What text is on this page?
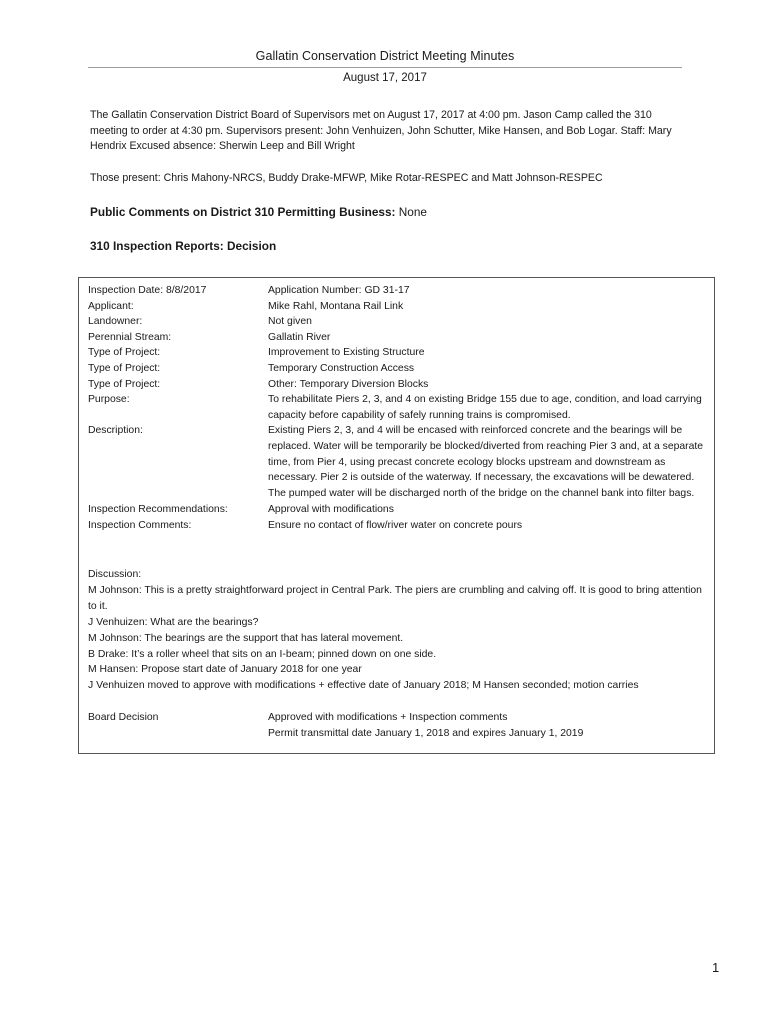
Gallatin Conservation District Meeting Minutes
August 17, 2017
The Gallatin Conservation District Board of Supervisors met on August 17, 2017 at 4:00 pm. Jason Camp called the 310 meeting to order at 4:30 pm. Supervisors present: John Venhuizen, John Schutter, Mike Hansen, and Bob Logar. Staff: Mary Hendrix Excused absence: Sherwin Leep and Bill Wright
Those present: Chris Mahony-NRCS, Buddy Drake-MFWP, Mike Rotar-RESPEC and Matt Johnson-RESPEC
Public Comments on District 310 Permitting Business: None
310 Inspection Reports: Decision
Inspection Date: 8/8/2017	Application Number: GD 31-17
Applicant:	Mike Rahl, Montana Rail Link
Landowner:	Not given
Perennial Stream:	Gallatin River
Type of Project:	Improvement to Existing Structure
Type of Project:	Temporary Construction Access
Type of Project:	Other: Temporary Diversion Blocks
Purpose:	To rehabilitate Piers 2, 3, and 4 on existing Bridge 155 due to age, condition, and load carrying capacity before capability of safely running trains is compromised.
Description:	Existing Piers 2, 3, and 4 will be encased with reinforced concrete and the bearings will be replaced. Water will be temporarily be blocked/diverted from reaching Pier 3 and, at a separate time, from Pier 4, using precast concrete ecology blocks upstream and downstream as necessary. Pier 2 is outside of the waterway. If necessary, the excavations will be dewatered. The pumped water will be discharged north of the bridge on the channel bank into filter bags.
Inspection Recommendations:	Approval with modifications
Inspection Comments:	Ensure no contact of flow/river water on concrete pours
Discussion:
M Johnson: This is a pretty straightforward project in Central Park. The piers are crumbling and calving off. It is good to bring attention to it.
J Venhuizen: What are the bearings?
M Johnson: The bearings are the support that has lateral movement.
B Drake: It’s a roller wheel that sits on an I-beam; pinned down on one side.
M Hansen: Propose start date of January 2018 for one year
J Venhuizen moved to approve with modifications + effective date of January 2018; M Hansen seconded; motion carries
Board Decision	Approved with modifications + Inspection comments
Permit transmittal date January 1, 2018 and expires January 1, 2019
1
